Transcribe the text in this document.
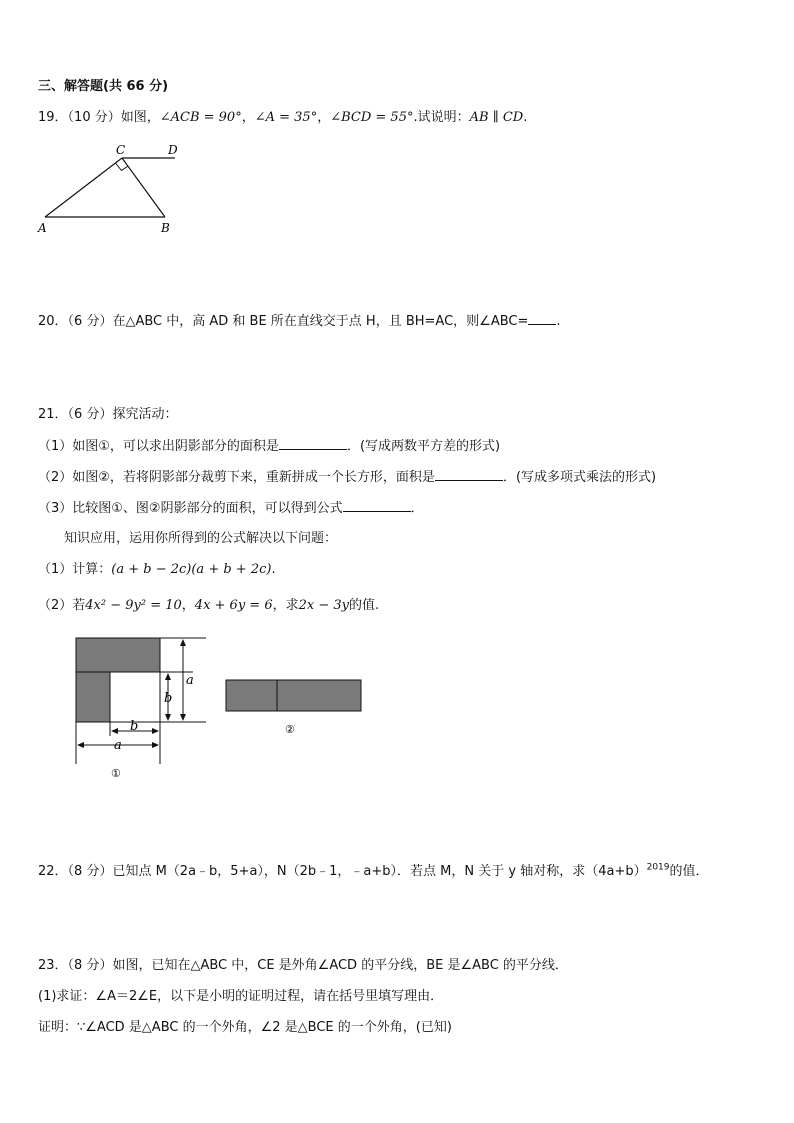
三、解答题(共 66 分)
19．（10 分）如图，∠ACB = 90°，∠A = 35°，∠BCD = 55°.试说明：AB ∥ CD.
C	D
A	B
20．（6 分）在△ABC 中，高 AD 和 BE 所在直线交于点 H，且 BH=AC，则∠ABC= .
21．（6 分）探究活动：
（1）如图①，可以求出阴影部分的面积是	．(写成两数平方差的形式)
（2）如图②，若将阴影部分裁剪下来，重新拼成一个长方形，面积是	．(写成多项式乘法的形式)
（3）比较图①、图②阴影部分的面积，可以得到公式	．
知识应用，运用你所得到的公式解决以下问题：
（1）计算：(a + b − 2c)(a + b + 2c).
（2）若4x² − 9y² = 10，4x + 6y = 6，求2x − 3y的值.
a
b
b
a
①
②
22．（8 分）已知点 M（2a﹣b，5+a），N（2b﹣1，﹣a+b）．若点 M，N 关于 y 轴对称，求$(4a+b)^{2019}$的值．
23．（8 分）如图，已知在△ABC 中，CE 是外角∠ACD 的平分线，BE 是∠ABC 的平分线．
(1)求证：∠A＝2∠E，以下是小明的证明过程，请在括号里填写理由．
证明：∵∠ACD 是△ABC 的一个外角，∠2 是△BCE 的一个外角，(已知)
